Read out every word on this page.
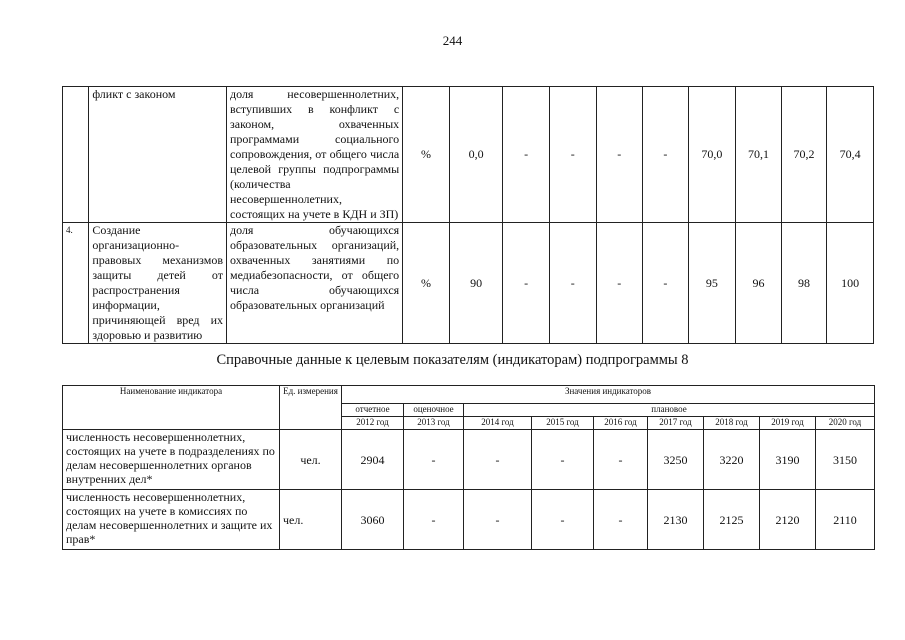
244
	фликт с законом	доля несовершеннолетних, вступивших в конфликт с законом, охваченных программами социального сопровождения, от общего числа целевой группы подпрограммы (количества несовершеннолетних, состоящих на учете в КДН и ЗП)	%	0,0	-	-	-	-	70,0	70,1	70,2	70,4
4.	Создание организационно-правовых механизмов защиты детей от распространения информации, причиняющей вред их здоровью и развитию	доля обучающихся образовательных организаций, охваченных занятиями по медиабезопасности, от общего числа обучающихся образовательных организаций	%	90	-	-	-	-	95	96	98	100
Справочные данные к целевым показателям (индикаторам) подпрограммы 8
Наименование индикатора	Ед. измерения	Значения индикаторов								
		отчетное	оценочное	плановое						
		2012 год	2013 год	2014 год	2015 год	2016 год	2017 год	2018 год	2019 год	2020 год
численность несовершеннолетних, состоящих на учете в подразделениях по делам несовершеннолетних органов внутренних дел*	чел.	2904	-	-	-	-	3250	3220	3190	3150
численность несовершеннолетних, состоящих на учете в комиссиях по делам несовершеннолетних и защите их прав*	чел.	3060	-	-	-	-	2130	2125	2120	2110
